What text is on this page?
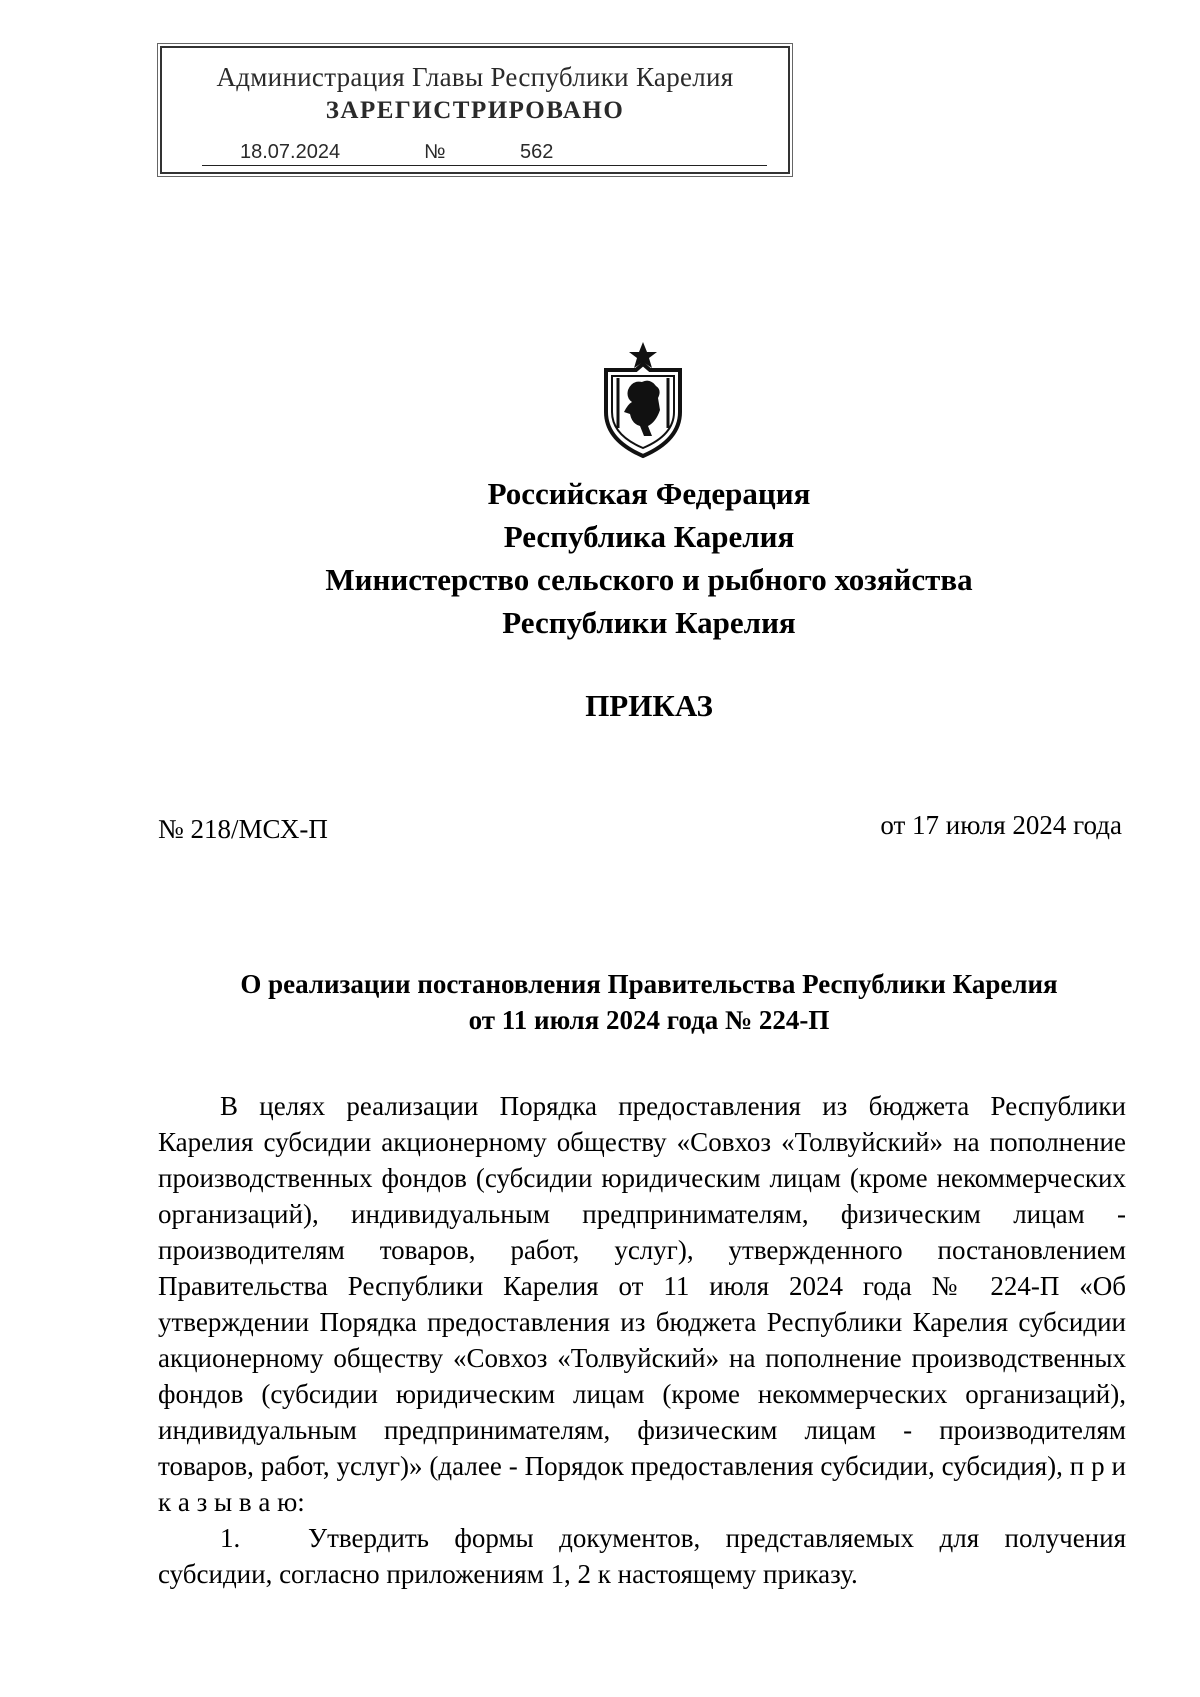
Администрация Главы Республики Карелия
ЗАРЕГИСТРИРОВАНО
18.07.2024	№	562
Российская Федерация
Республика Карелия
Министерство сельского и рыбного хозяйства
Республики Карелия
ПРИКАЗ
№ 218/МСХ-П	от 17 июля 2024 года
О реализации постановления Правительства Республики Карелия
от 11 июля 2024 года № 224-П

В целях реализации Порядка предоставления из бюджета Республики Карелия субсидии акционерному обществу «Совхоз «Толвуйский» на пополнение производственных фондов (субсидии юридическим лицам (кроме некоммерческих организаций), индивидуальным предпринимателям, физическим лицам - производителям товаров, работ, услуг), утвержденного постановлением Правительства Республики Карелия от 11 июля 2024 года № 224-П «Об утверждении Порядка предоставления из бюджета Республики Карелия субсидии акционерному обществу «Совхоз «Толвуйский» на пополнение производственных фондов (субсидии юридическим лицам (кроме некоммерческих организаций), индивидуальным предпринимателям, физическим лицам - производителям товаров, работ, услуг)» (далее - Порядок предоставления субсидии, субсидия), п р и к а з ы в а ю:

1.	Утвердить формы документов, представляемых для получения субсидии, согласно приложениям 1, 2 к настоящему приказу.
